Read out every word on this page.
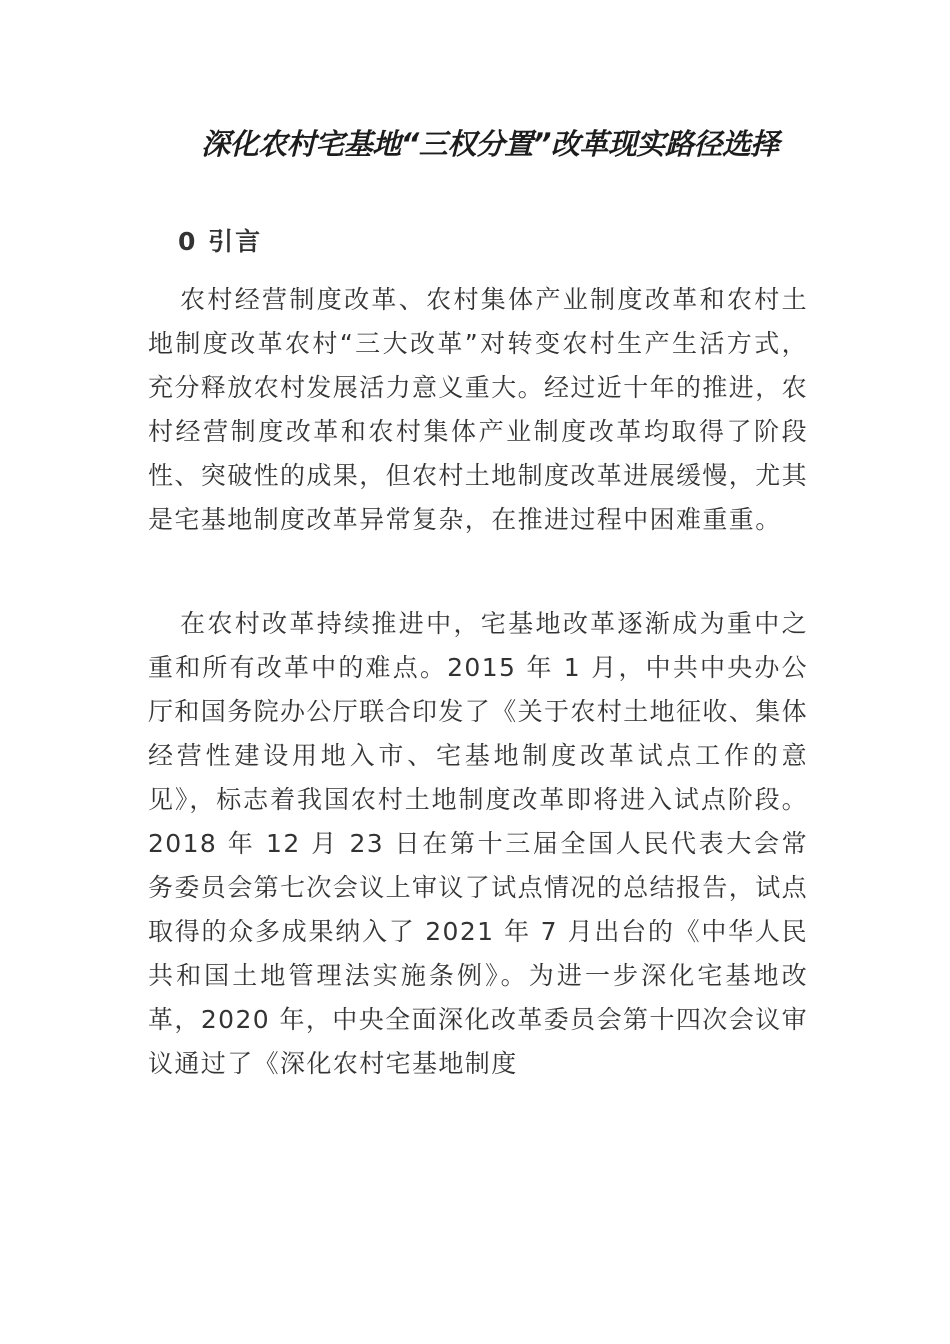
深化农村宅基地“三权分置”改革现实路径选择
0 引言

农村经营制度改革、农村集体产业制度改革和农村土地制度改革农村“三大改革”对转变农村生产生活方式，充分释放农村发展活力意义重大。经过近十年的推进，农村经营制度改革和农村集体产业制度改革均取得了阶段性、突破性的成果，但农村土地制度改革进展缓慢，尤其是宅基地制度改革异常复杂，在推进过程中困难重重。

在农村改革持续推进中，宅基地改革逐渐成为重中之重和所有改革中的难点。2015 年 1 月，中共中央办公厅和国务院办公厅联合印发了《关于农村土地征收、集体经营性建设用地入市、宅基地制度改革试点工作的意见》，标志着我国农村土地制度改革即将进入试点阶段。2018 年 12 月 23 日在第十三届全国人民代表大会常务委员会第七次会议上审议了试点情况的总结报告，试点取得的众多成果纳入了 2021 年 7 月出台的《中华人民共和国土地管理法实施条例》。为进一步深化宅基地改革，2020 年，中央全面深化改革委员会第十四次会议审议通过了《深化农村宅基地制度
